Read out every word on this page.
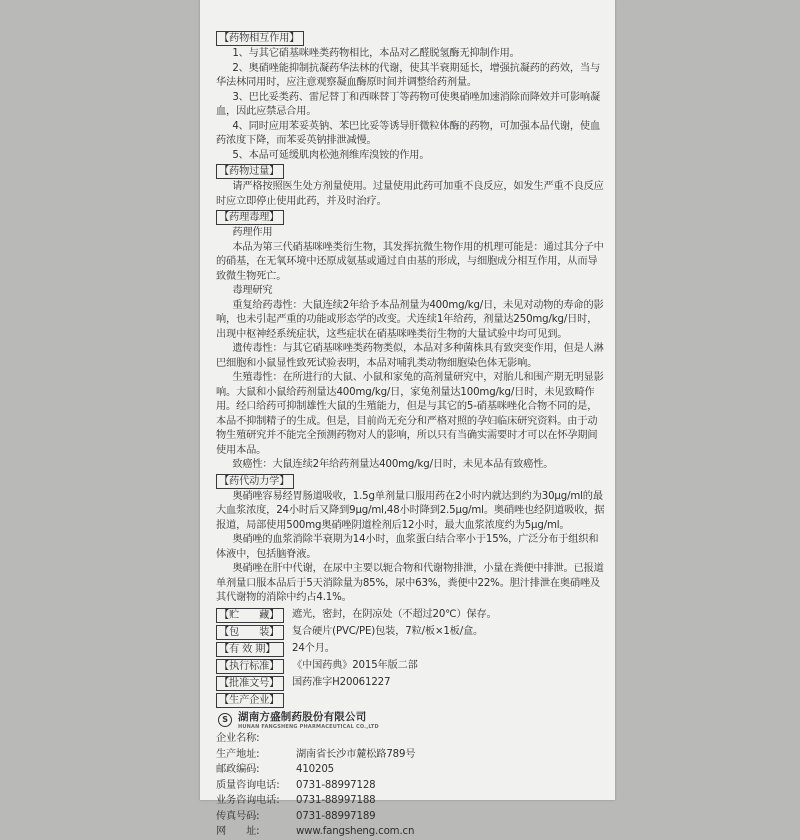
【药物相互作用】

1、与其它硝基咪唑类药物相比，本品对乙醛脱氢酶无抑制作用。

2、奥硝唑能抑制抗凝药华法林的代谢，使其半衰期延长，增强抗凝药的药效，当与华法林同用时，应注意观察凝血酶原时间并调整给药剂量。

3、巴比妥类药、雷尼替丁和西咪替丁等药物可使奥硝唑加速消除而降效并可影响凝血，因此应禁忌合用。

4、同时应用苯妥英钠、苯巴比妥等诱导肝微粒体酶的药物，可加强本品代谢，使血药浓度下降，而苯妥英钠排泄减慢。

5、本品可延缓肌肉松弛剂维库溴铵的作用。

【药物过量】

请严格按照医生处方剂量使用。过量使用此药可加重不良反应，如发生严重不良反应时应立即停止使用此药，并及时治疗。

【药理毒理】

药理作用

本品为第三代硝基咪唑类衍生物，其发挥抗微生物作用的机理可能是：通过其分子中的硝基，在无氧环境中还原成氨基或通过自由基的形成，与细胞成分相互作用，从而导致微生物死亡。

毒理研究

重复给药毒性：大鼠连续2年给予本品剂量为400mg/kg/日，未见对动物的寿命的影响，也未引起严重的功能或形态学的改变。犬连续1年给药，剂量达250mg/kg/日时，出现中枢神经系统症状，这些症状在硝基咪唑类衍生物的大量试验中均可见到。

遗传毒性：与其它硝基咪唑类药物类似，本品对多种菌株具有致突变作用，但是人淋巴细胞和小鼠显性致死试验表明，本品对哺乳类动物细胞染色体无影响。

生殖毒性：在所进行的大鼠、小鼠和家兔的高剂量研究中，对胎儿和围产期无明显影响。大鼠和小鼠给药剂量达400mg/kg/日，家兔剂量达100mg/kg/日时，未见致畸作用。经口给药可抑制雄性大鼠的生殖能力，但是与其它的5-硝基咪唑化合物不同的是，本品不抑制精子的生成。但是，目前尚无充分和严格对照的孕妇临床研究资料。由于动物生殖研究并不能完全预测药物对人的影响，所以只有当确实需要时才可以在怀孕期间使用本品。

致癌性：大鼠连续2年给药剂量达400mg/kg/日时，未见本品有致癌性。

【药代动力学】

奥硝唑容易经胃肠道吸收，1.5g单剂量口服用药在2小时内就达到约为30μg/ml的最大血浆浓度，24小时后又降到9μg/ml,48小时降到2.5μg/ml。奥硝唑也经阴道吸收，据报道，局部使用500mg奥硝唑阴道栓剂后12小时，最大血浆浓度约为5μg/ml。

奥硝唑的血浆消除半衰期为14小时，血浆蛋白结合率小于15%，广泛分布于组织和体液中，包括脑脊液。

奥硝唑在肝中代谢，在尿中主要以轭合物和代谢物排泄，小量在粪便中排泄。已报道单剂量口服本品后于5天消除量为85%，尿中63%，粪便中22%。胆汁排泄在奥硝唑及其代谢物的消除中约占4.1%。

【贮　　藏】	遮光，密封，在阴凉处（不超过20℃）保存。
【包　　装】	复合硬片(PVC/PE)包装，7粒/板×1板/盒。
【有 效 期】	24个月。
【执行标准】	《中国药典》2015年版二部
【批准文号】	国药准字H20061227
【生产企业】
S 湖南方盛制药股份有限公司
HUNAN FANGSHENG PHARMACEUTICAL CO.,LTD
企业名称:
生产地址:	湖南省长沙市麓松路789号
邮政编码:	410205
质量咨询电话:	0731-88997128
业务咨询电话:	0731-88997188
传真号码:	0731-88997189
网　　址:	www.fangsheng.com.cn
